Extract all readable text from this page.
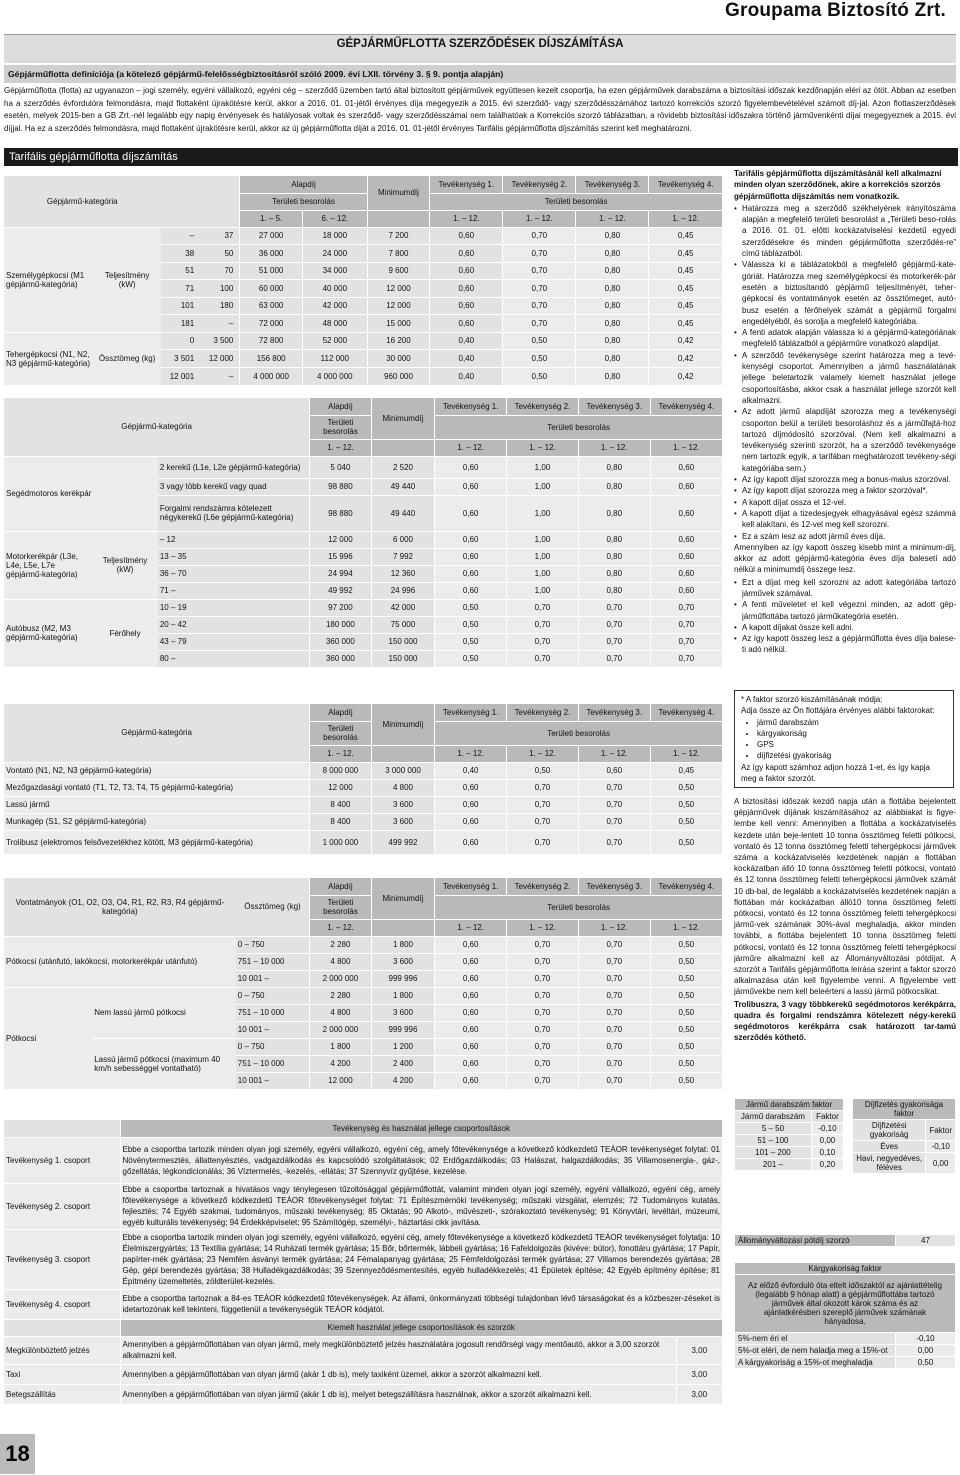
Groupama Biztosító Zrt.
GÉPJÁRMŰFLOTTA SZERZŐDÉSEK DÍJSZÁMÍTÁSA
Gépjárműflotta definíciója (a kötelező gépjármű-felelősségbiztosításról szóló 2009. évi LXII. törvény 3. § 9. pontja alapján)
Gépjárműflotta (flotta) az ugyanazon – jogi személy, egyéni vállalkozó, egyéni cég – szerződő üzemben tartó által biztosított gépjárművek együttesen kezelt csoportja, ha ezen gépjárművek darabszáma a biztosítási időszak kezdőnapján eléri az ötöt. Abban az esetben ha a szerződés évfordulóra felmondásra, majd flottaként újrakötésre kerül, akkor a 2016. 01. 01-jétől érvényes díja megegyezik a 2015. évi szerződő- vagy szerződésszámához tartozó korrekciós szorzó figyelembevételével számolt díj-jal. Azon flottaszerződések esetén, melyek 2015-ben a GB Zrt.-nél legalább egy napig érvényesek és hatályosak voltak és szerződő- vagy szerződésszámai nem találhatóak a Korrekciós szorzó táblázatban, a rövidebb biztosítási időszakra történő járművenkénti díjai megegyeznek a 2015. évi díjjal. Ha ez a szerződés felmondásra, majd flottaként újrakötésre kerül, akkor az új gépjárműflotta díját a 2016. 01. 01-jétől érvényes Tarifális gépjárműflotta díjszámítás szerint kell meghatározni.
Tarifális gépjárműflotta díjszámítás
Gépjármű-kategória				Alapdíj		Minimumdíj	Tevékenység 1.	Tevékenység 2.	Tevékenység 3.	Tevékenység 4.
				Területi besorolás			Területi besorolás			
				1. – 5.	6. – 12.		1. – 12.	1. – 12.	1. – 12.	1. – 12.
Személygépkocsi (M1 gépjármű-kategória)	Teljesítmény (kW)	–	37	27 000	18 000	7 200	0,60	0,70	0,80	0,45
		38	50	36 000	24 000	7 800	0,60	0,70	0,80	0,45
		51	70	51 000	34 000	9 600	0,60	0,70	0,80	0,45
		71	100	60 000	40 000	12 000	0,60	0,70	0,80	0,45
		101	180	63 000	42 000	12 000	0,60	0,70	0,80	0,45
		181	–	72 000	48 000	15 000	0,60	0,70	0,80	0,45
Tehergépkocsi (N1, N2, N3 gépjármű-kategória)	Össztömeg (kg)	0	3 500	72 800	52 000	16 200	0,40	0,50	0,80	0,42
		3 501	12 000	156 800	112 000	30 000	0,40	0,50	0,80	0,42
		12 001	–	4 000 000	4 000 000	960 000	0,40	0,50	0,80	0,42
Gépjármű-kategória			Alapdíj	Minimumdíj	Tevékenység 1.	Tevékenység 2.	Tevékenység 3.	Tevékenység 4.
			Területi besorolás		Területi besorolás			
			1. – 12.		1. – 12.	1. – 12.	1. – 12.	1. – 12.
Segédmotoros kerékpár		2 kerekű (L1e, L2e gépjármű-kategória)	5 040	2 520	0,60	1,00	0,80	0,60
		3 vagy több kerekű vagy quad	98 880	49 440	0,60	1,00	0,80	0,60
		Forgalmi rendszámra kötelezett négykerekű (L6e gépjármű-kategória)	98 880	49 440	0,60	1,00	0,80	0,60
Motorkerékpár (L3e, L4e, L5e, L7e gépjármű-kategória)	Teljesítmény (kW)	– 12	12 000	6 000	0,60	1,00	0,80	0,60
		13 – 35	15 996	7 992	0,60	1,00	0,80	0,60
		36 – 70	24 994	12 360	0,60	1,00	0,80	0,60
		71 –	49 992	24 996	0,60	1,00	0,80	0,60
Autóbusz (M2, M3 gépjármű-kategória)	Férőhely	10 – 19	97 200	42 000	0,50	0,70	0,70	0,70
		20 – 42	180 000	75 000	0,50	0,70	0,70	0,70
		43 – 79	360 000	150 000	0,50	0,70	0,70	0,70
		80 –	360 000	150 000	0,50	0,70	0,70	0,70
Gépjármű-kategória	Alapdíj	Minimumdíj	Tevékenység 1.	Tevékenység 2.	Tevékenység 3.	Tevékenység 4.
	Területi besorolás		Területi besorolás			
	1. – 12.		1. – 12.	1. – 12.	1. – 12.	1. – 12.
Vontató (N1, N2, N3 gépjármű-kategória)	8 000 000	3 000 000	0,40	0,50	0,60	0,45
Mezőgazdasági vontató (T1, T2, T3, T4, T5 gépjármű-kategória)	12 000	4 800	0,60	0,70	0,70	0,50
Lassú jármű	8 400	3 600	0,60	0,70	0,70	0,50
Munkagép (S1, S2 gépjármű-kategória)	8 400	3 600	0,60	0,70	0,70	0,50
Trolibusz (elektromos felsővezetékhez kötött, M3 gépjármű-kategória)	1 000 000	499 992	0,60	0,70	0,70	0,50
Vontatmányok (O1, O2, O3, O4, R1, R2, R3, R4 gépjármű-kategória)		Össztömeg (kg)	Alapdíj	Minimumdíj	Tevékenység 1.	Tevékenység 2.	Tevékenység 3.	Tevékenység 4.
			Területi besorolás		Területi besorolás			
			1. – 12.		1. – 12.	1. – 12.	1. – 12.	1. – 12.
Pótkocsi (utánfutó, lakókocsi, motorkerékpár utánfutó)		0 – 750	2 280	1 800	0,60	0,70	0,70	0,50
		751 – 10 000	4 800	3 600	0,60	0,70	0,70	0,50
		10 001 –	2 000 000	999 996	0,60	0,70	0,70	0,50
Pótkocsi	Nem lassú jármű pótkocsi	0 – 750	2 280	1 800	0,60	0,70	0,70	0,50
		751 – 10 000	4 800	3 600	0,60	0,70	0,70	0,50
		10 001 –	2 000 000	999 996	0,60	0,70	0,70	0,50
	Lassú jármű pótkocsi (maximum 40 km/h sebességgel vontatható)	0 – 750	1 800	1 200	0,60	0,70	0,70	0,50
		751 – 10 000	4 200	2 400	0,60	0,70	0,70	0,50
		10 001 –	12 000	4 200	0,60	0,70	0,70	0,50
	Tevékenység és használat jellege csoportosítások	
Tevékenység 1. csoport	Ebbe a csoportba tartozik minden olyan jogi személy, egyéni vállalkozó, egyéni cég, amely főtevékenysége a következő kódkezdetű TEÁOR tevékenységet folytat: 01 Növénytermesztés, állattenyésztés, vadgazdálkodás és kapcsolódó szolgáltatások; 02 Erdőgazdálkodás; 03 Halászat, halgazdálkodás; 35 Villamosenergia-, gáz-, gőzellátás, légkondicionálás; 36 Víztermelés, -kezelés, -ellátás; 37 Szennyvíz gyűjtése, kezelése.	
Tevékenység 2. csoport	Ebbe a csoportba tartoznak a hivatásos vagy ténylegesen tűzoltósággal gépjárműflottát, valamint minden olyan jogi személy, egyéni vállalkozó, egyéni cég, amely főtevékenysége a következő kódkezdetű TEÁOR főtevékenységet folytat: 71 Építészmérnöki tevékenység; műszaki vizsgálat, elemzés; 72 Tudományos kutatás, fejlesztés; 74 Egyéb szakmai, tudományos, műszaki tevékenység; 85 Oktatás; 90 Alkotó-, művészeti-, szórakoztató tevékenység; 91 Könyvtári, levéltári, múzeumi, egyéb kulturális tevékenység; 94 Érdekképviselet; 95 Számítógép, személyi-, háztartási cikk javítása.	
Tevékenység 3. csoport	Ebbe a csoportba tartozik minden olyan jogi személy, egyéni vállalkozó, egyéni cég, amely főtevékenysége a következő kódkezdetű TEÁOR tevékenységet folytatja: 10 Élelmiszergyártás; 13 Textília gyártása; 14 Ruházati termék gyártása; 15 Bőr, bőrtermék, lábbeli gyártása; 16 Fafeldolgozás (kivéve: bútor), fonottáru gyártása; 17 Papír, papírter-mék gyártása; 23 Nemfém ásványi termék gyártása; 24 Fémalapanyag gyártása; 25 Fémfeldolgozási termék gyártása; 27 Villamos berendezés gyártása; 28 Gép, gépi berendezés gyártása; 38 Hulladékgazdálkodás; 39 Szennyeződésmentesítés, egyéb hulladékkezelés; 41 Épületek építése; 42 Egyéb építmény építése; 81 Építmény üzemeltetés, zöldterület-kezelés.	
Tevékenység 4. csoport	Ebbe a csoportba tartoznak a 84-es TEÁOR kódkezdetű főtevékenységek. Az állami, önkormányzati többségi tulajdonban lévő társaságokat és a közbeszer-zéseket is idetartozónak kell tekinteni, függetlenül a tevékenységük TEÁOR kódjától.	
	Kiemelt használat jellege csoportosítások és szorzók	
Megkülönböztető jelzés	Amennyiben a gépjárműflottában van olyan jármű, mely megkülönböztető jelzés használatára jogosult rendőrségi vagy mentőautó, akkor a 3,00 szorzót alkalmazni kell.	3,00
Taxi	Amennyiben a gépjárműflottában van olyan jármű (akár 1 db is), mely taxiként üzemel, akkor a szorzót alkalmazni kell.	3,00
Betegszállítás	Amennyiben a gépjárműflottában van olyan jármű (akár 1 db is), melyet betegszállításra használnak, akkor a szorzót alkalmazni kell.	3,00

Tarifális gépjárműflotta díjszámításánál kell alkalmazni minden olyan szerződőnek, akire a korrekciós szorzós gépjárműflotta díjszámítás nem vonatkozik.

• Határozza meg a szerződő székhelyének irányítószáma alapján a megfelelő területi besorolást a „Területi beso-rolás a 2016. 01. 01. előtti kockázatviselési kezdetű egyedi szerződésekre és minden gépjárműflotta szerződés-re” című táblázatból.
• Válassza ki a táblázatokból a megfelelő gépjármű-kate-góriát. Határozza meg személygépkocsi és motorkerék-pár esetén a biztosítandó gépjármű teljesítményét, teher-gépkocsi és vontatmányok esetén az össztömeget, autó-busz esetén a férőhelyek számát a gépjármű forgalmi engedélyéből, és sorolja a megfelelő kategóriába.
• A fenti adatok alapján válassza ki a gépjármű-kategóriának megfelelő táblázatból a gépjárműre vonatkozó alapdíjat.
• A szerződő tevékenysége szerint határozza meg a tevé-kenységi csoportot. Amennyiben a jármű használatának jellege beletartozik valamely kiemelt használat jellege csoportosításba, akkor csak a használat jellege szorzót kell alkalmazni.
• Az adott jármű alapdíját szorozza meg a tevékenységi csoporton belül a területi besoroláshoz és a járműfajtá-hoz tartozó díjmódosító szorzóval. (Nem kell alkalmazni a tevékenység szerinti szorzót, ha a szerződő tevékenysége nem tartozik egyik, a tarifában meghatározott tevékeny-ségi kategóriába sem.)
• Az így kapott díjat szorozza meg a bonus-malus szorzóval.
• Az így kapott díjat szorozza meg a faktor szorzóval*.
• A kapott díjat ossza el 12-vel.
• A kapott díjat a tizedesjegyek elhagyásával egész számmá kell alakítani, és 12-vel meg kell szorozni.
• Ez a szám lesz az adott jármű éves díja.

Amennyiben az így kapott összeg kisebb mint a minimum-díj, akkor az adott gépjármű-kategória éves díja balesetí adó nélkül a minimumdíj összege lesz.

• Ezt a díjat meg kell szorozni az adott kategóriába tartozó járművek számával.
• A fenti műveletet el kell végezni minden, az adott gép-járműflottába tartozó járműkategória esetén.
• A kapott díjakat össze kell adni.
• Az így kapott összeg lesz a gépjárműflotta éves díja balese-ti adó nélkül.
* A faktor szorzó kiszámításának módja:
Adja össze az Ön flottájára érvényes alábbi faktorokat:
• jármű darabszám
• kárgyakoriság
• GPS
• díjfizetési gyakoriság
Az így kapott számhoz adjon hozzá 1-et, és így kapja meg a faktor szorzót.
A biztosítási időszak kezdő napja után a flottába bejelentett gépjárművek díjának kiszámításához az alábbiakat is figye-lembe kell venni: Amennyiben a flottába a kockázatviselés kezdete után beje-lentett 10 tonna össztömeg feletti pótkocsi, vontató és 12 tonna össztömeg feletti tehergépkocsi járművek száma a kockázatviselés kezdetének napján a flottában kockázatban álló 10 tonna össztömeg feletti pótkocsi, vontató és 12 tonna össztömeg feletti tehergépkocsi járművek számát 10 db-bal, de legalább a kockázatviselés kezdetének napján a flottában már kockázatban álló10 tonna össztömeg feletti pótkocsi, vontató és 12 tonna össztömeg feletti tehergépkocsi jármű-vek számának 30%-ával meghaladja, akkor minden további, a flottába bejelentett 10 tonna össztömeg feletti pótkocsi, vontató és 12 tonna össztömeg feletti tehergépkocsi járműre alkalmazni kell az Állományváltozási pótdíjat. A szorzót a Tarifális gépjárműflotta leírása szerint a faktor szorzó alkalmazása után kell figyelembe venni. A figyelembe vett járművekbe nem kell beleérteni a lassú jármű pótkocsikat.
Trolibuszra, 3 vagy többkerekű segédmotoros kerékpárra, quadra és forgalmi rendszámra kötelezett négy-kerekű segédmotoros kerékpárra csak határozott tar-tamú szerződés köthető.
Jármű darabszám faktor	
Jármű darabszám	Faktor
5 – 50	-0,10
51 – 100	0,00
101 – 200	0,10
201 –	0,20
Díjfizetés gyakorisága faktor	
Díjfizetési gyakoriság	Faktor
Éves	-0,10
Havi, negyedéves, féléves	0,00
Állományváltozási pótdíj szorzó	47
Kárgyakoriság faktor	
Az előző évforduló óta eltelt időszaktól az ajánlattételig (legalább 9 hónap alatt) a gépjárműflottába tartozó járművek által okozott károk száma és az ajánlatkérésben szereplő járművek számának hányadosa.	
5%-nem éri el	-0,10
5%-ot eléri, de nem haladja meg a 15%-ot	0,00
A kárgyakoriság a 15%-ot meghaladja	0,50
18
